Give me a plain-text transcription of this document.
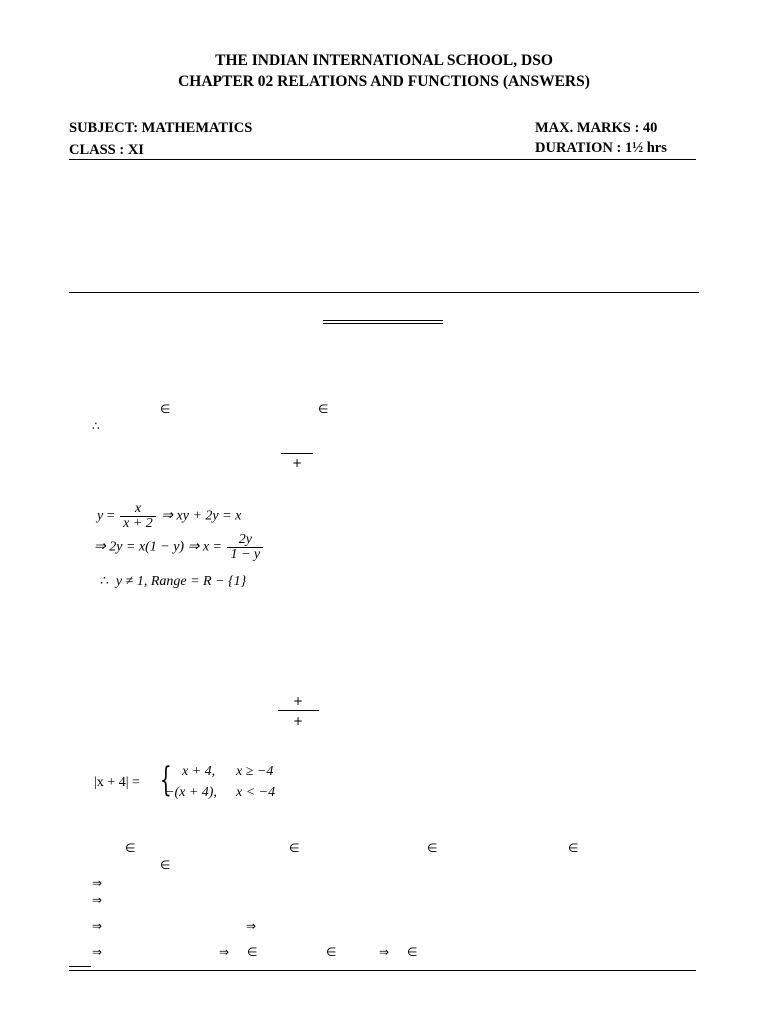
THE INDIAN INTERNATIONAL SCHOOL, DSO
CHAPTER 02 RELATIONS AND FUNCTIONS (ANSWERS)
SUBJECT: MATHEMATICS
CLASS : XI
MAX. MARKS : 40
DURATION : 1½ hrs
∈	∈
∴
+
$y = \frac{x}{x + 2}$ ⇒ xy + 2y = x
⇒ 2y = x(1 − y) ⇒ $x = \frac{2y}{1 - y}$
∴ y ≠ 1, Range = R − {1}
+
+
|x + 4| = { x + 4, x ≥ −4
−(x + 4), x < −4
∈	∈	∈	∈
∈
⇒
⇒
⇒	⇒
⇒	⇒ ∈	∈	⇒ ∈
